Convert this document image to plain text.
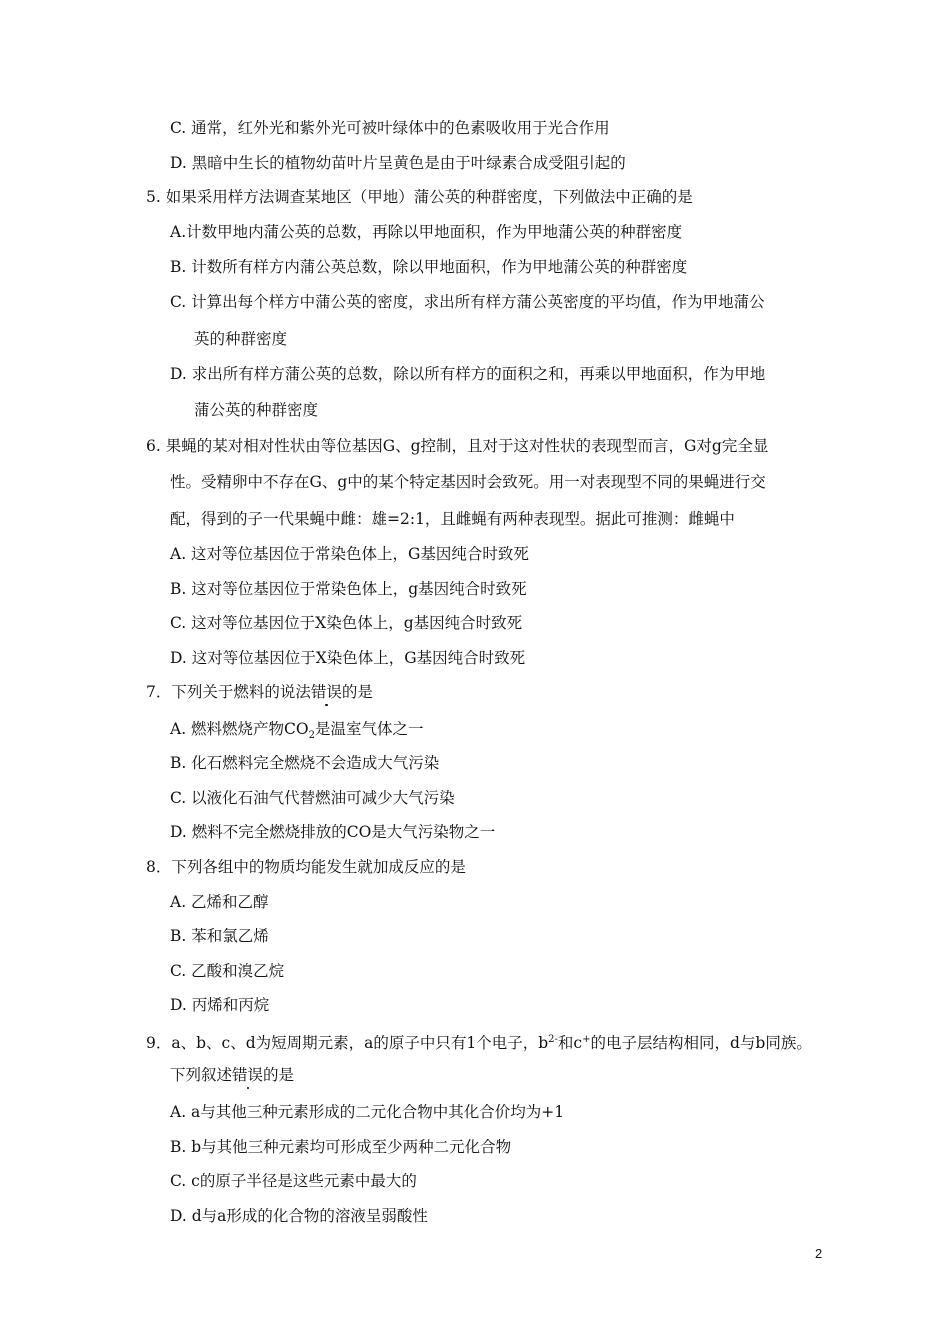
C. 通常，红外光和紫外光可被叶绿体中的色素吸收用于光合作用
D. 黑暗中生长的植物幼苗叶片呈黄色是由于叶绿素合成受阻引起的
5. 如果采用样方法调查某地区（甲地）蒲公英的种群密度，下列做法中正确的是
A.计数甲地内蒲公英的总数，再除以甲地面积，作为甲地蒲公英的种群密度
B. 计数所有样方内蒲公英总数，除以甲地面积，作为甲地蒲公英的种群密度
C. 计算出每个样方中蒲公英的密度，求出所有样方蒲公英密度的平均值，作为甲地蒲公
英的种群密度
D. 求出所有样方蒲公英的总数，除以所有样方的面积之和，再乘以甲地面积，作为甲地
蒲公英的种群密度
6. 果蝇的某对相对性状由等位基因G、g控制，且对于这对性状的表现型而言，G对g完全显
性。受精卵中不存在G、g中的某个特定基因时会致死。用一对表现型不同的果蝇进行交
配，得到的子一代果蝇中雌：雄=2:1，且雌蝇有两种表现型。据此可推测：雌蝇中
A. 这对等位基因位于常染色体上，G基因纯合时致死
B. 这对等位基因位于常染色体上，g基因纯合时致死
C. 这对等位基因位于X染色体上，g基因纯合时致死
D. 这对等位基因位于X染色体上，G基因纯合时致死
7．下列关于燃料的说法错误的是
A. 燃料燃烧产物$CO_2$是温室气体之一
B. 化石燃料完全燃烧不会造成大气污染
C. 以液化石油气代替燃油可减少大气污染
D. 燃料不完全燃烧排放的CO是大气污染物之一
8．下列各组中的物质均能发生就加成反应的是
A. 乙烯和乙醇
B. 苯和氯乙烯
C. 乙酸和溴乙烷
D. 丙烯和丙烷
9．a、b、c、d为短周期元素，a的原子中只有1个电子，$b^{2-}$和c+的电子层结构相同，d与b同族。
下列叙述错误的是
A. a与其他三种元素形成的二元化合物中其化合价均为+1
B. b与其他三种元素均可形成至少两种二元化合物
C. c的原子半径是这些元素中最大的
D. d与a形成的化合物的溶液呈弱酸性
2
